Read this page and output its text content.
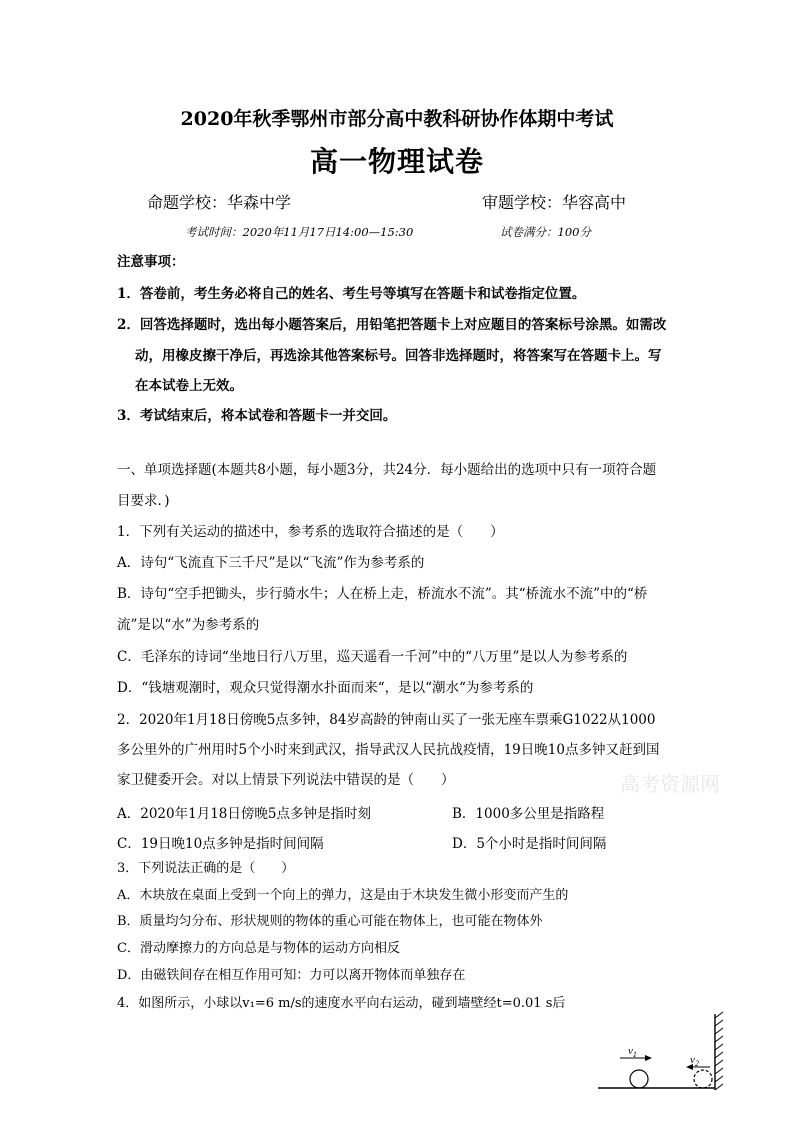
2020年秋季鄂州市部分高中教科研协作体期中考试
高一物理试卷
命题学校：华森中学	审题学校：华容高中
考试时间：2020年11月17日14:00—15:30	试卷满分：100分
注意事项：
1．答卷前，考生务必将自己的姓名、考生号等填写在答题卡和试卷指定位置。
2．回答选择题时，选出每小题答案后，用铅笔把答题卡上对应题目的答案标号涂黑。如需改
动，用橡皮擦干净后，再选涂其他答案标号。回答非选择题时，将答案写在答题卡上。写
在本试卷上无效。
3．考试结束后，将本试卷和答题卡一并交回。
一、单项选择题(本题共8小题，每小题3分，共24分．每小题给出的选项中只有一项符合题
目要求．)
1．下列有关运动的描述中，参考系的选取符合描述的是（　　）
A．诗句“飞流直下三千尺”是以“飞流”作为参考系的
B．诗句“空手把锄头，步行骑水牛；人在桥上走，桥流水不流”。其“桥流水不流”中的“桥
流”是以“水”为参考系的
C．毛泽东的诗词“坐地日行八万里，巡天遥看一千河”中的“八万里”是以人为参考系的
D．“钱塘观潮时，观众只觉得潮水扑面而来“，是以“潮水“为参考系的
2．2020年1月18日傍晚5点多钟，84岁高龄的钟南山买了一张无座车票乘G1022从1000
多公里外的广州用时5个小时来到武汉，指导武汉人民抗战疫情，19日晚10点多钟又赶到国
家卫健委开会。对以上情景下列说法中错误的是（　　）
A．2020年1月18日傍晚5点多钟是指时刻	B．1000多公里是指路程
C．19日晚10点多钟是指时间间隔	D．5个小时是指时间间隔
高考资源网
3．下列说法正确的是（　　）
A．木块放在桌面上受到一个向上的弹力，这是由于木块发生微小形变而产生的
B．质量均匀分布、形状规则的物体的重心可能在物体上，也可能在物体外
C．滑动摩擦力的方向总是与物体的运动方向相反
D．由磁铁间存在相互作用可知：力可以离开物体而单独存在
4．如图所示，小球以v₁=6 m/s的速度水平向右运动，碰到墙壁经t=0.01 s后
$v_1$	$v_2$
